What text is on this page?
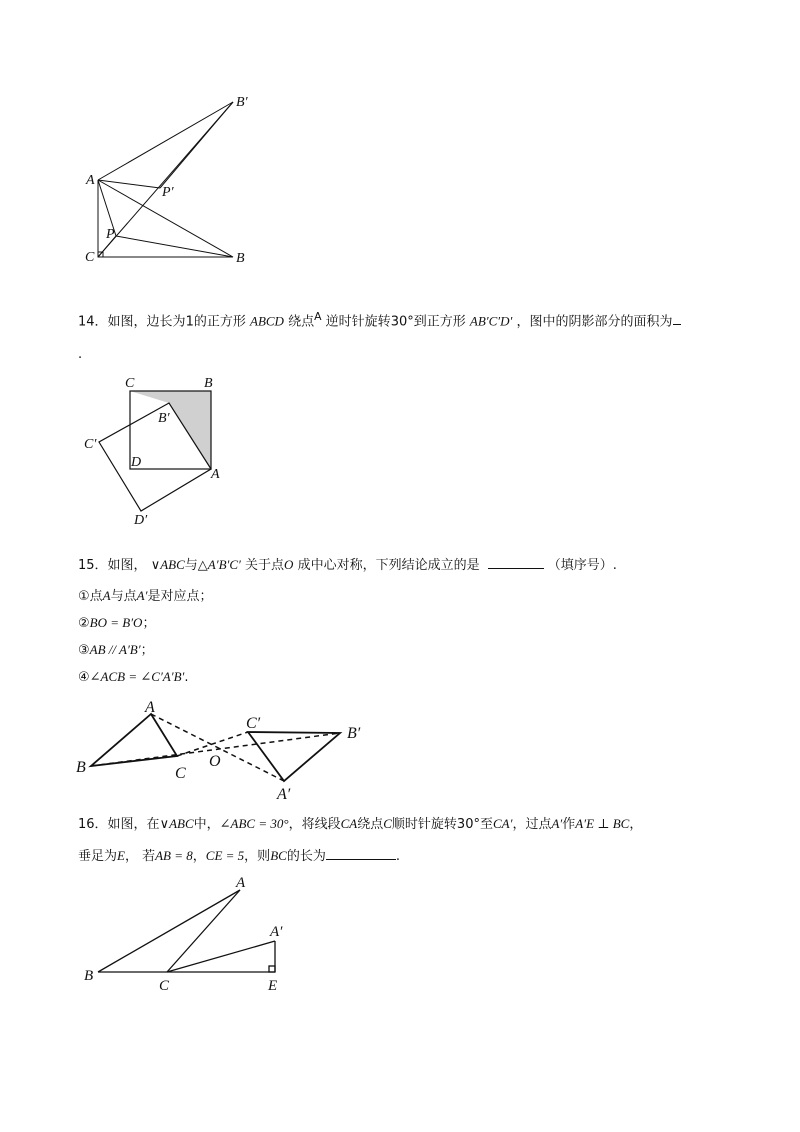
B′
A
P′
P
C	B
14．如图，边长为1的正方形 ABCD 绕点$^A$ 逆时针旋转30°到正方形 AB′C′D′ ，图中的阴影部分的面积为
.
C	B
B′
C′
D
A
D′
15．如图， ∨ABC与△A′B′C′ 关于点O 成中心对称，下列结论成立的是	（填序号）.
①点A与点A′是对应点；
②BO = B′O；
③AB // A′B′；
④∠ACB = ∠C′A′B′.
A
C′
B′
B	C
O
A′
16．如图，在∨ABC中，∠ABC = 30°，将线段CA绕点C顺时针旋转30°至CA′，过点A′作A′E ⊥ BC，
垂足为E， 若AB = 8，CE = 5，则BC的长为	.
A
A′
B
C	E
